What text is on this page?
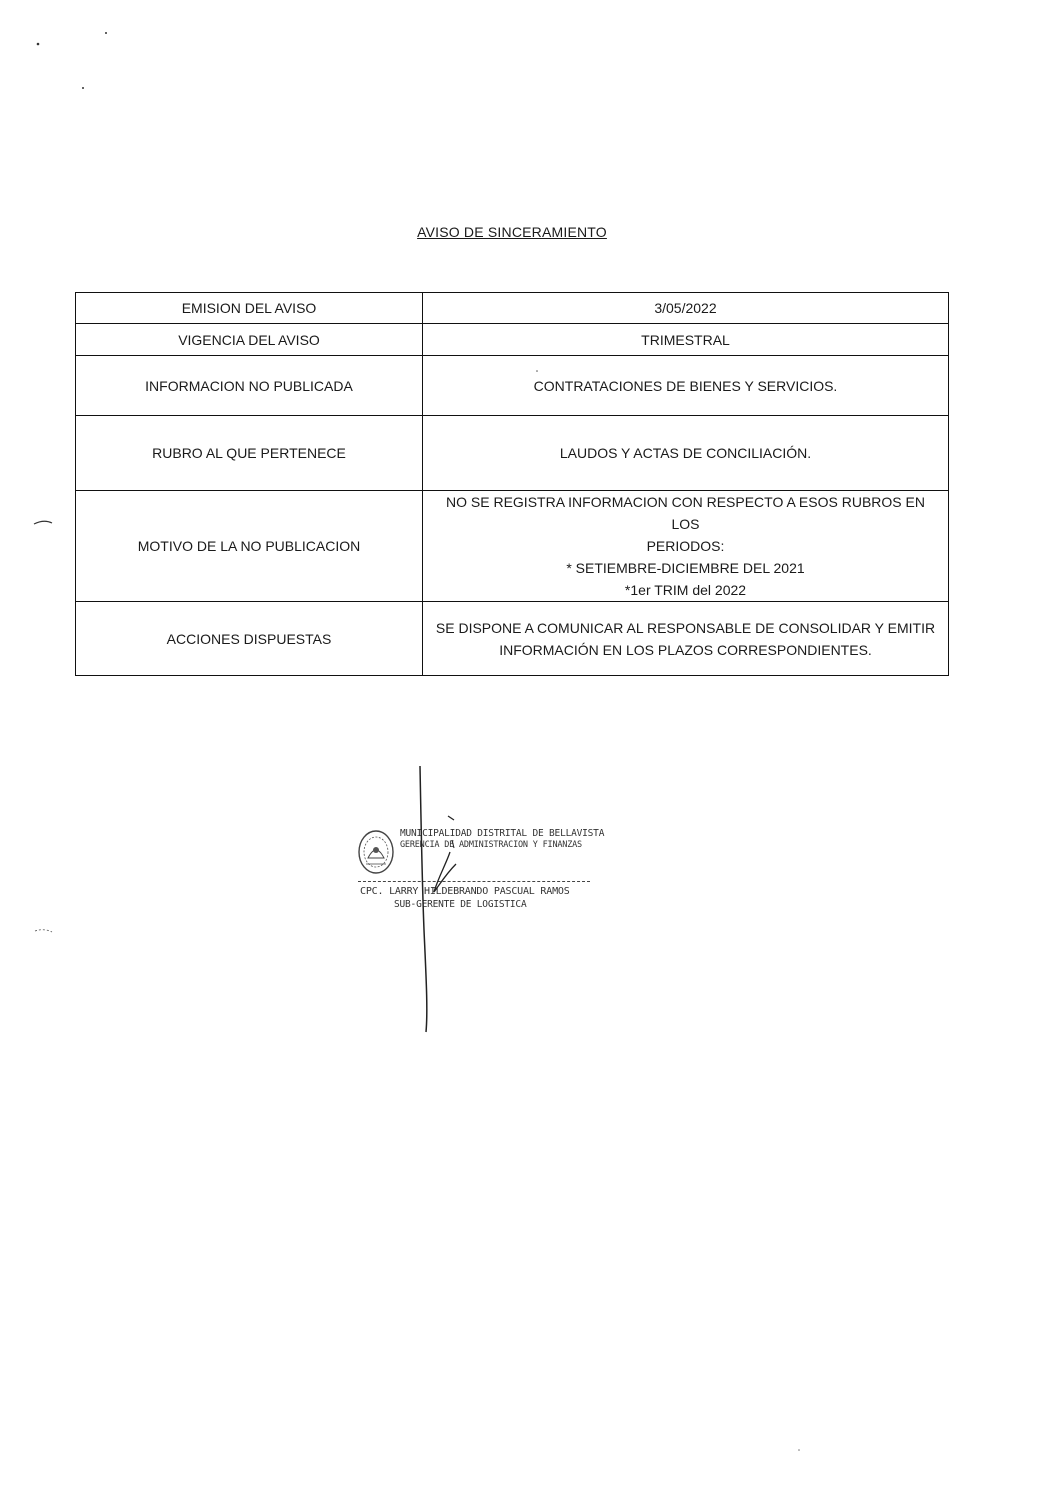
AVISO DE SINCERAMIENTO
EMISION DEL AVISO	3/05/2022

VIGENCIA DEL AVISO	TRIMESTRAL

INFORMACION NO PUBLICADA	CONTRATACIONES DE BIENES Y SERVICIOS.

RUBRO AL QUE PERTENECE	LAUDOS Y ACTAS DE CONCILIACIÓN.

MOTIVO DE LA NO PUBLICACION	NO SE REGISTRA INFORMACION CON RESPECTO A ESOS RUBROS EN LOS
PERIODOS:
* SETIEMBRE-DICIEMBRE DEL 2021
*1er TRIM del 2022

ACCIONES DISPUESTAS	SE DISPONE A COMUNICAR AL RESPONSABLE DE CONSOLIDAR Y EMITIR
INFORMACIÓN EN LOS PLAZOS CORRESPONDIENTES.
MUNICIPALIDAD DISTRITAL DE BELLAVISTA
GERENCIA DE ADMINISTRACION Y FINANZAS
CPC. LARRY HILDEBRANDO PASCUAL RAMOS
SUB-GERENTE DE LOGISTICA
